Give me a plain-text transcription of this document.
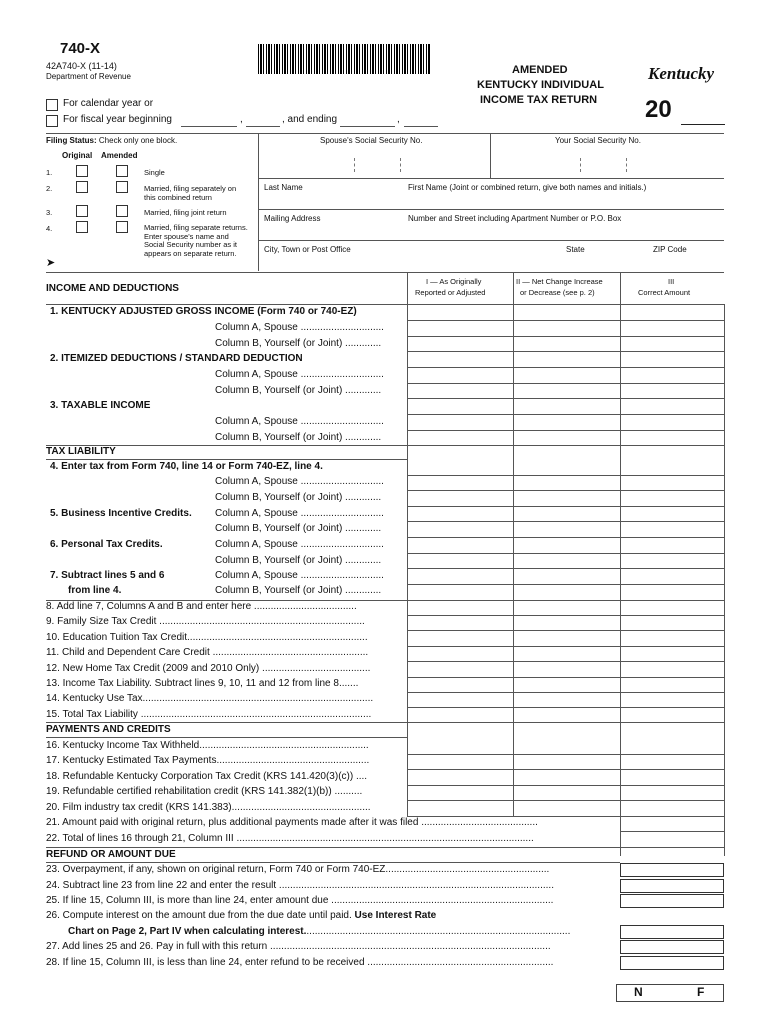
740-X
42A740-X (11-14)
Department of Revenue
AMENDED
KENTUCKY INDIVIDUAL
INCOME TAX RETURN
Kentucky
20
For calendar year or
For fiscal year beginning	,	, and ending	,
Filing Status: Check only one block.
Original Amended
1.	Single
2.	Married, filing separately on this combined return
3.	Married, filing joint return
4.	Married, filing separate returns. Enter spouse's name and Social Security number as it appears on separate return.
➤
Spouse's Social Security No.	Your Social Security No.
Last Name	First Name (Joint or combined return, give both names and initials.)
Mailing Address	Number and Street including Apartment Number or P.O. Box
City, Town or Post Office	State	ZIP Code
INCOME AND DEDUCTIONS
I — As Originally
Reported or Adjusted
II — Net Change Increase
or Decrease (see p. 2)
III
Correct Amount
1. KENTUCKY ADJUSTED GROSS INCOME (Form 740 or 740-EZ)
Column A, Spouse ..............................
Column B, Yourself (or Joint) .............
2. ITEMIZED DEDUCTIONS / STANDARD DEDUCTION
Column A, Spouse ..............................
Column B, Yourself (or Joint) .............
3. TAXABLE INCOME
Column A, Spouse ..............................
Column B, Yourself (or Joint) .............
TAX LIABILITY
4. Enter tax from Form 740, line 14 or Form 740-EZ, line 4.
Column A, Spouse ..............................
Column B, Yourself (or Joint) .............
5. Business Incentive Credits. Column A, Spouse ..............................
Column B, Yourself (or Joint) .............
6. Personal Tax Credits.	Column A, Spouse ..............................
Column B, Yourself (or Joint) .............
7. Subtract lines 5 and 6
from line 4.
Column A, Spouse ..............................
Column B, Yourself (or Joint) .............
8. Add line 7, Columns A and B and enter here .....................................
9. Family Size Tax Credit ..........................................................................
10. Education Tuition Tax Credit.................................................................
11. Child and Dependent Care Credit ........................................................
12. New Home Tax Credit (2009 and 2010 Only) .......................................
13. Income Tax Liability. Subtract lines 9, 10, 11 and 12 from line 8.......
14. Kentucky Use Tax...................................................................................
15. Total Tax Liability ...................................................................................
PAYMENTS AND CREDITS
16. Kentucky Income Tax Withheld.............................................................
17. Kentucky Estimated Tax Payments.......................................................
18. Refundable Kentucky Corporation Tax Credit (KRS 141.420(3)(c)) ....
19. Refundable certified rehabilitation credit (KRS 141.382(1)(b)) ..........
20. Film industry tax credit (KRS 141.383)..................................................
21. Amount paid with original return, plus additional payments made after it was filed ..........................................
22. Total of lines 16 through 21, Column III ...........................................................................................................
REFUND OR AMOUNT DUE
23. Overpayment, if any, shown on original return, Form 740 or Form 740-EZ...........................................................
24. Subtract line 23 from line 22 and enter the result ...................................................................................................
25. If line 15, Column III, is more than line 24, enter amount due ................................................................................
26. Compute interest on the amount due from the due date until paid. Use Interest Rate
Chart on Page 2, Part IV when calculating interest................................................................................................
27. Add lines 25 and 26. Pay in full with this return .....................................................................................................
28. If line 15, Column III, is less than line 24, enter refund to be received ...................................................................
N	F
